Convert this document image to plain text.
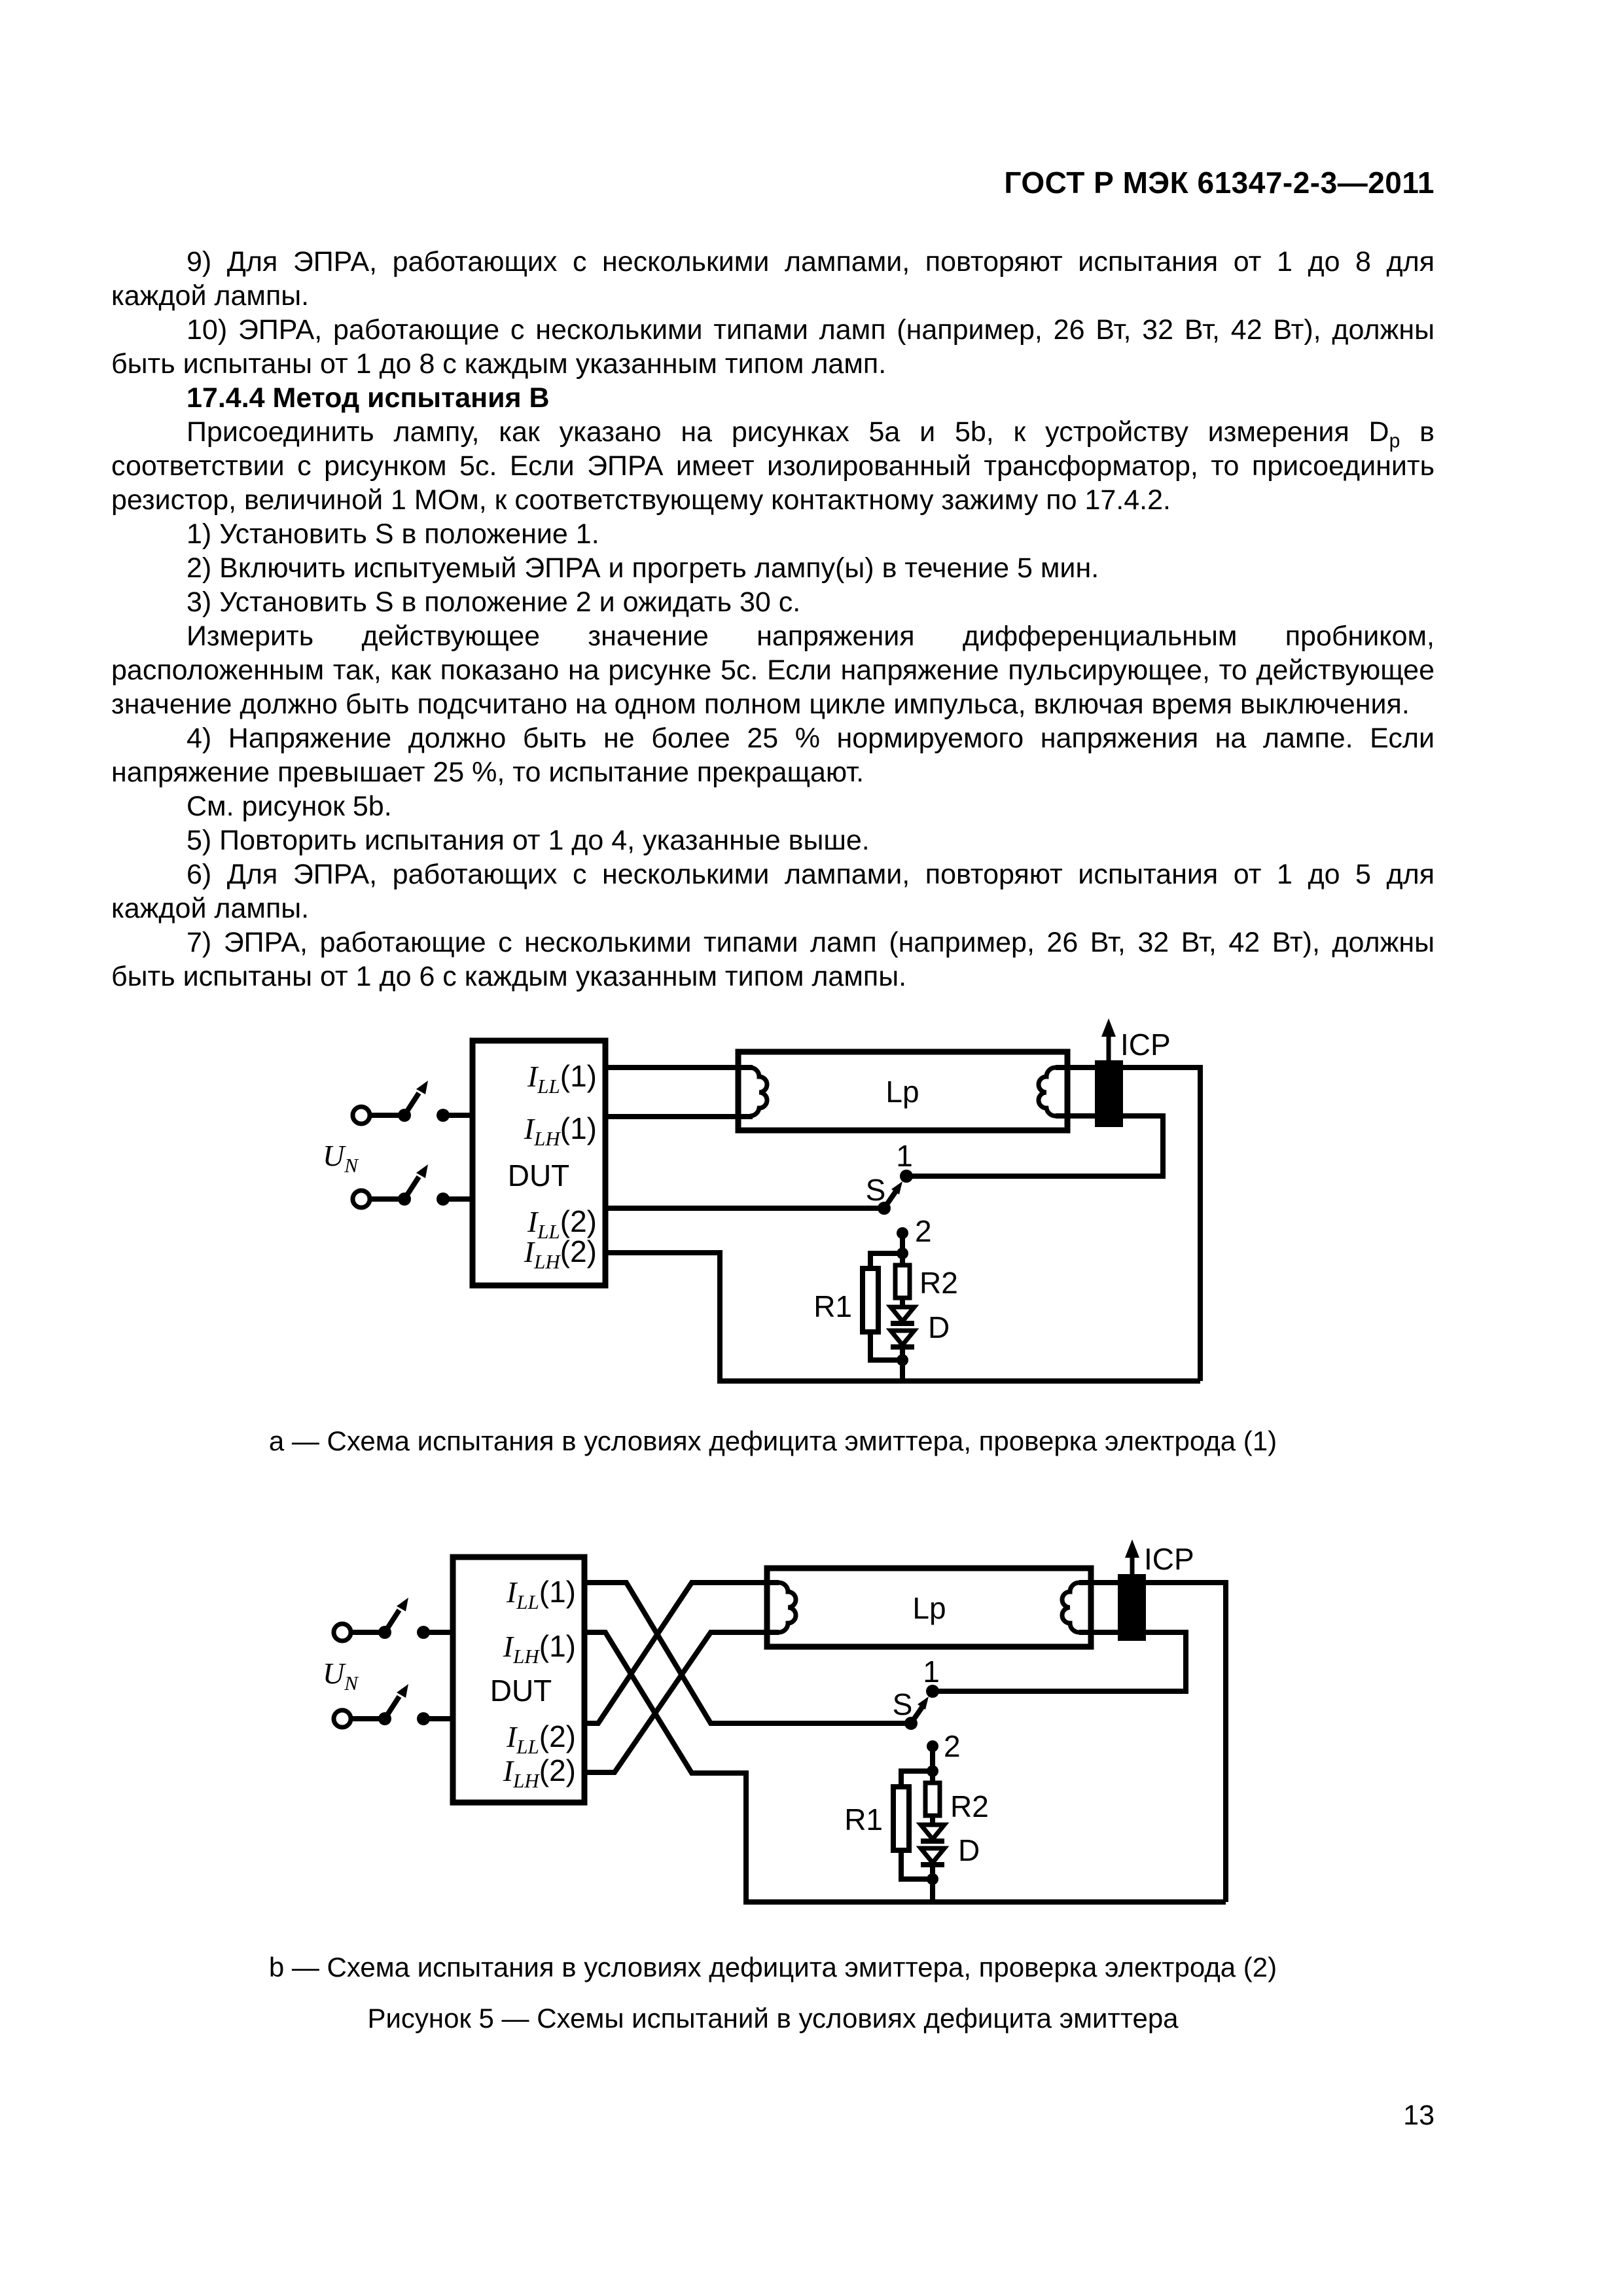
ГОСТ Р МЭК 61347-2-3—2011

9) Для ЭПРА, работающих с несколькими лампами, повторяют испытания от 1 до 8 для каждой лампы.

10) ЭПРА, работающие с несколькими типами ламп (например, 26 Вт, 32 Вт, 42 Вт), должны быть испытаны от 1 до 8 с каждым указанным типом ламп.

17.4.4 Метод испытания В

Присоединить лампу, как указано на рисунках 5a и 5b, к устройству измерения $D_p$ в соответствии с рисунком 5c. Если ЭПРА имеет изолированный трансформатор, то присоединить резистор, величиной 1 МОм, к соответствующему контактному зажиму по 17.4.2.

1) Установить S в положение 1.

2) Включить испытуемый ЭПРА и прогреть лампу(ы) в течение 5 мин.

3) Установить S в положение 2 и ожидать 30 с.

Измерить действующее значение напряжения дифференциальным пробником, расположенным так, как показано на рисунке 5c. Если напряжение пульсирующее, то действующее значение должно быть подсчитано на одном полном цикле импульса, включая время выключения.

4) Напряжение должно быть не более 25 % нормируемого напряжения на лампе. Если напряжение превышает 25 %, то испытание прекращают.

См. рисунок 5b.

5) Повторить испытания от 1 до 4, указанные выше.

6) Для ЭПРА, работающих с несколькими лампами, повторяют испытания от 1 до 5 для каждой лампы.

7) ЭПРА, работающие с несколькими типами ламп (например, 26 Вт, 32 Вт, 42 Вт), должны быть испытаны от 1 до 6 с каждым указанным типом лампы.

$U_N$	DUT
$I_{LL}(1)$
$I_{LH}(1)$
$I_{LL}(2)$
$I_{LH}(2)$
Lp
ICP
1
S
2
R1
R2
D
$U_N$	DUT
$I_{LL}(1)$
$I_{LH}(1)$
$I_{LL}(2)$
$I_{LH}(2)$
Lp
ICP
1
S
2
R1 R2
D
a — Схема испытания в условиях дефицита эмиттера, проверка электрода (1)
b — Схема испытания в условиях дефицита эмиттера, проверка электрода (2)
Рисунок 5 — Схемы испытаний в условиях дефицита эмиттера
13
